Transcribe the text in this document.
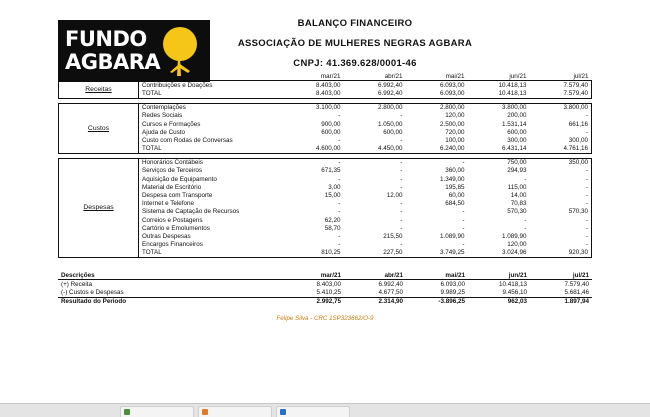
FUNDO
AGBARA
BALANÇO FINANCEIRO
ASSOCIAÇÃO DE MULHERES NEGRAS AGBARA
CNPJ: 41.369.628/0001-46
		mar/21	abr/21	mai/21	jun/21	jul/21
Receitas	Contribuições e Doações	8.403,00	6.992,40	6.093,00	10.418,13	7.579,40
	TOTAL	8.403,00	6.992,40	6.093,00	10.418,13	7.579,40

Custos	Contemplações	3.100,00	2.800,00	2.800,00	3.800,00	3.800,00
	Redes Sociais	-	-	120,00	200,00	-
	Cursos e Formações	900,00	1.050,00	2.500,00	1.531,14	661,16
	Ajuda de Custo	600,00	600,00	720,00	600,00	-
	Custo com Rodas de Conversas	-	-	100,00	300,00	300,00
	TOTAL	4.600,00	4.450,00	6.240,00	6.431,14	4.761,16

Despesas	Honorários Contábeis	-	-	-	750,00	350,00
	Serviços de Terceiros	671,35	-	360,00	294,93	-
	Aquisição de Equipamento	-	-	1.349,00	-	-
	Material de Escritório	3,00	-	195,85	115,00	-
	Despesa com Transporte	15,00	12,00	60,00	14,00	-
	Internet e Telefone	-	-	684,50	70,83	-
	Sistema de Captação de Recursos	-	-	-	570,30	570,30
	Correios e Postagens	62,20	-	-	-	-
	Cartório e Emolumentos	58,70	-	-	-	-
	Outras Despesas	-	215,50	1.089,90	1.089,90	-
	Encargos Financeiros	-	-	-	120,00	-
	TOTAL	810,25	227,50	3.749,25	3.024,96	920,30
Descrições	mar/21	abr/21	mai/21	jun/21	jul/21
(+) Receita	8.403,00	6.992,40	6.093,00	10.418,13	7.579,40
(-) Custos e Despesas	5.410,25	4.677,50	9.989,25	9.456,10	5.681,46
Resultado do Periodo	2.992,75	2.314,90	-3.896,25	962,03	1.897,94
Felipe Silva - CRC 1SP323662/O-9
